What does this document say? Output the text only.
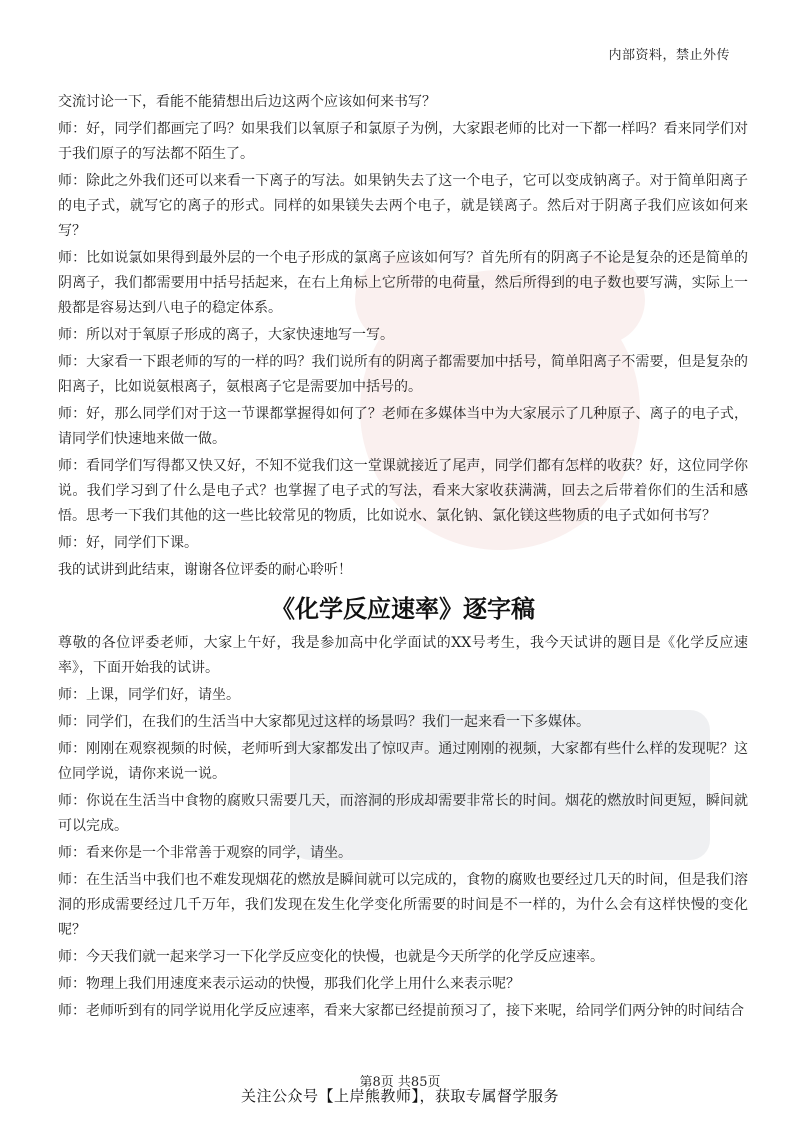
内部资料，禁止外传

交流讨论一下，看能不能猜想出后边这两个应该如何来书写？

师：好，同学们都画完了吗？如果我们以氧原子和氯原子为例，大家跟老师的比对一下都一样吗？看来同学们对于我们原子的写法都不陌生了。

师：除此之外我们还可以来看一下离子的写法。如果钠失去了这一个电子，它可以变成钠离子。对于简单阳离子的电子式，就写它的离子的形式。同样的如果镁失去两个电子，就是镁离子。然后对于阴离子我们应该如何来写？

师：比如说氯如果得到最外层的一个电子形成的氯离子应该如何写？首先所有的阴离子不论是复杂的还是简单的阴离子，我们都需要用中括号括起来，在右上角标上它所带的电荷量，然后所得到的电子数也要写满，实际上一般都是容易达到八电子的稳定体系。

师：所以对于氧原子形成的离子，大家快速地写一写。

师：大家看一下跟老师的写的一样的吗？我们说所有的阴离子都需要加中括号，简单阳离子不需要，但是复杂的阳离子，比如说氨根离子，氨根离子它是需要加中括号的。

师：好，那么同学们对于这一节课都掌握得如何了？老师在多媒体当中为大家展示了几种原子、离子的电子式，请同学们快速地来做一做。

师：看同学们写得都又快又好，不知不觉我们这一堂课就接近了尾声，同学们都有怎样的收获？好，这位同学你说。我们学习到了什么是电子式？也掌握了电子式的写法，看来大家收获满满，回去之后带着你们的生活和感悟。思考一下我们其他的这一些比较常见的物质，比如说水、氯化钠、氯化镁这些物质的电子式如何书写？

师：好，同学们下课。

我的试讲到此结束，谢谢各位评委的耐心聆听！

《化学反应速率》逐字稿

尊敬的各位评委老师，大家上午好，我是参加高中化学面试的XX号考生，我今天试讲的题目是《化学反应速率》，下面开始我的试讲。

师：上课，同学们好，请坐。

师：同学们，在我们的生活当中大家都见过这样的场景吗？我们一起来看一下多媒体。

师：刚刚在观察视频的时候，老师听到大家都发出了惊叹声。通过刚刚的视频，大家都有些什么样的发现呢？这位同学说，请你来说一说。

师：你说在生活当中食物的腐败只需要几天，而溶洞的形成却需要非常长的时间。烟花的燃放时间更短，瞬间就可以完成。

师：看来你是一个非常善于观察的同学，请坐。

师：在生活当中我们也不难发现烟花的燃放是瞬间就可以完成的，食物的腐败也要经过几天的时间，但是我们溶洞的形成需要经过几千万年，我们发现在发生化学变化所需要的时间是不一样的，为什么会有这样快慢的变化呢？

师：今天我们就一起来学习一下化学反应变化的快慢，也就是今天所学的化学反应速率。

师：物理上我们用速度来表示运动的快慢，那我们化学上用什么来表示呢？

师：老师听到有的同学说用化学反应速率，看来大家都已经提前预习了，接下来呢，给同学们两分钟的时间结合

第8页 共85页
关注公众号【上岸熊教师】，获取专属督学服务
